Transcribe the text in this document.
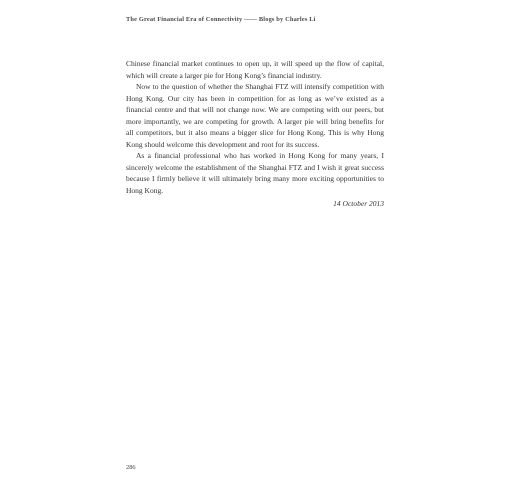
The Great Financial Era of Connectivity —— Blogs by Charles Li

Chinese financial market continues to open up, it will speed up the flow of capital, which will create a larger pie for Hong Kong’s financial industry.

Now to the question of whether the Shanghai FTZ will intensify competition with Hong Kong. Our city has been in competition for as long as we’ve existed as a financial centre and that will not change now. We are competing with our peers, but more importantly, we are competing for growth. A larger pie will bring benefits for all competitors, but it also means a bigger slice for Hong Kong. This is why Hong Kong should welcome this development and root for its success.

As a financial professional who has worked in Hong Kong for many years, I sincerely welcome the establishment of the Shanghai FTZ and I wish it great success because I firmly believe it will ultimately bring many more exciting opportunities to Hong Kong.

14 October 2013
286
